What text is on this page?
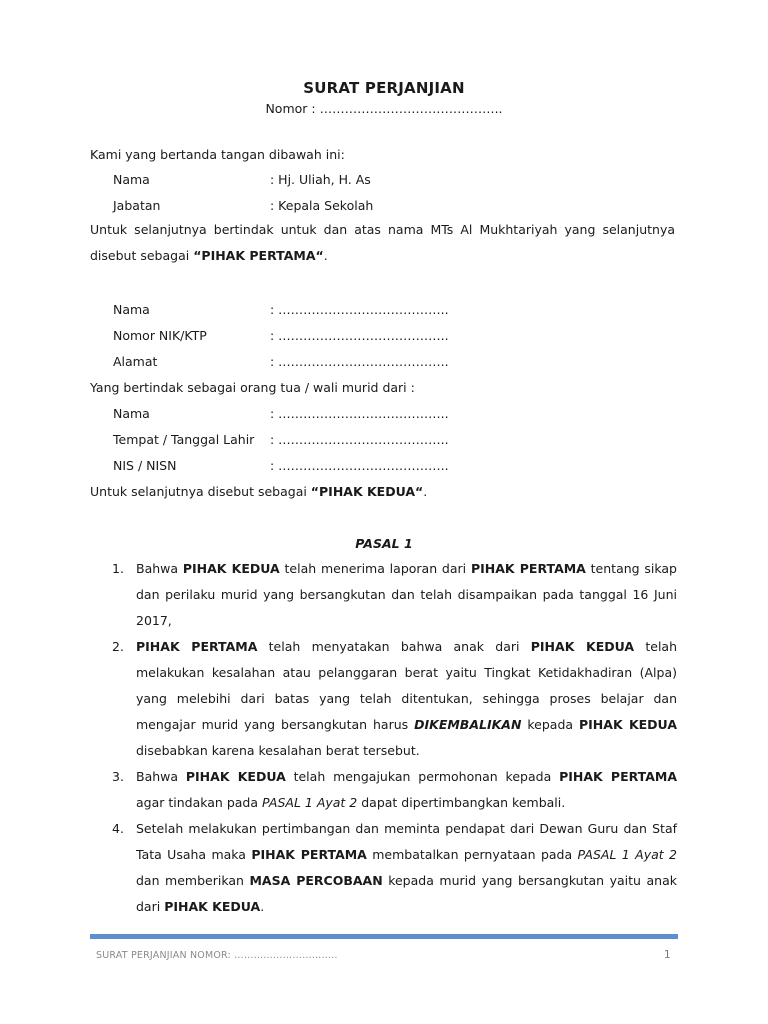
SURAT PERJANJIAN
Nomor : ……………………………………..
Kami yang bertanda tangan dibawah ini:
Nama	: Hj. Uliah, H. As
Jabatan	: Kepala Sekolah
Untuk selanjutnya bertindak untuk dan atas nama MTs Al Mukhtariyah yang selanjutnya disebut sebagai “PIHAK PERTAMA“.
Nama	: …………………………………..
Nomor NIK/KTP	: …………………………………..
Alamat	: …………………………………..
Yang bertindak sebagai orang tua / wali murid dari :
Nama	: …………………………………..
Tempat / Tanggal Lahir : …………………………………..
NIS / NISN	: …………………………………..
Untuk selanjutnya disebut sebagai “PIHAK KEDUA“.
PASAL 1
1. Bahwa PIHAK KEDUA telah menerima laporan dari PIHAK PERTAMA tentang sikap dan perilaku murid yang bersangkutan dan telah disampaikan pada tanggal 16 Juni 2017,
2. PIHAK PERTAMA telah menyatakan bahwa anak dari PIHAK KEDUA telah melakukan kesalahan atau pelanggaran berat yaitu Tingkat Ketidakhadiran (Alpa) yang melebihi dari batas yang telah ditentukan, sehingga proses belajar dan mengajar murid yang bersangkutan harus DIKEMBALIKAN kepada PIHAK KEDUA disebabkan karena kesalahan berat tersebut.
3. Bahwa PIHAK KEDUA telah mengajukan permohonan kepada PIHAK PERTAMA agar tindakan pada PASAL 1 Ayat 2 dapat dipertimbangkan kembali.
4. Setelah melakukan pertimbangan dan meminta pendapat dari Dewan Guru dan Staf Tata Usaha maka PIHAK PERTAMA membatalkan pernyataan pada PASAL 1 Ayat 2 dan memberikan MASA PERCOBAAN kepada murid yang bersangkutan yaitu anak dari PIHAK KEDUA.
SURAT PERJANJIAN NOMOR: …………………………..	1
